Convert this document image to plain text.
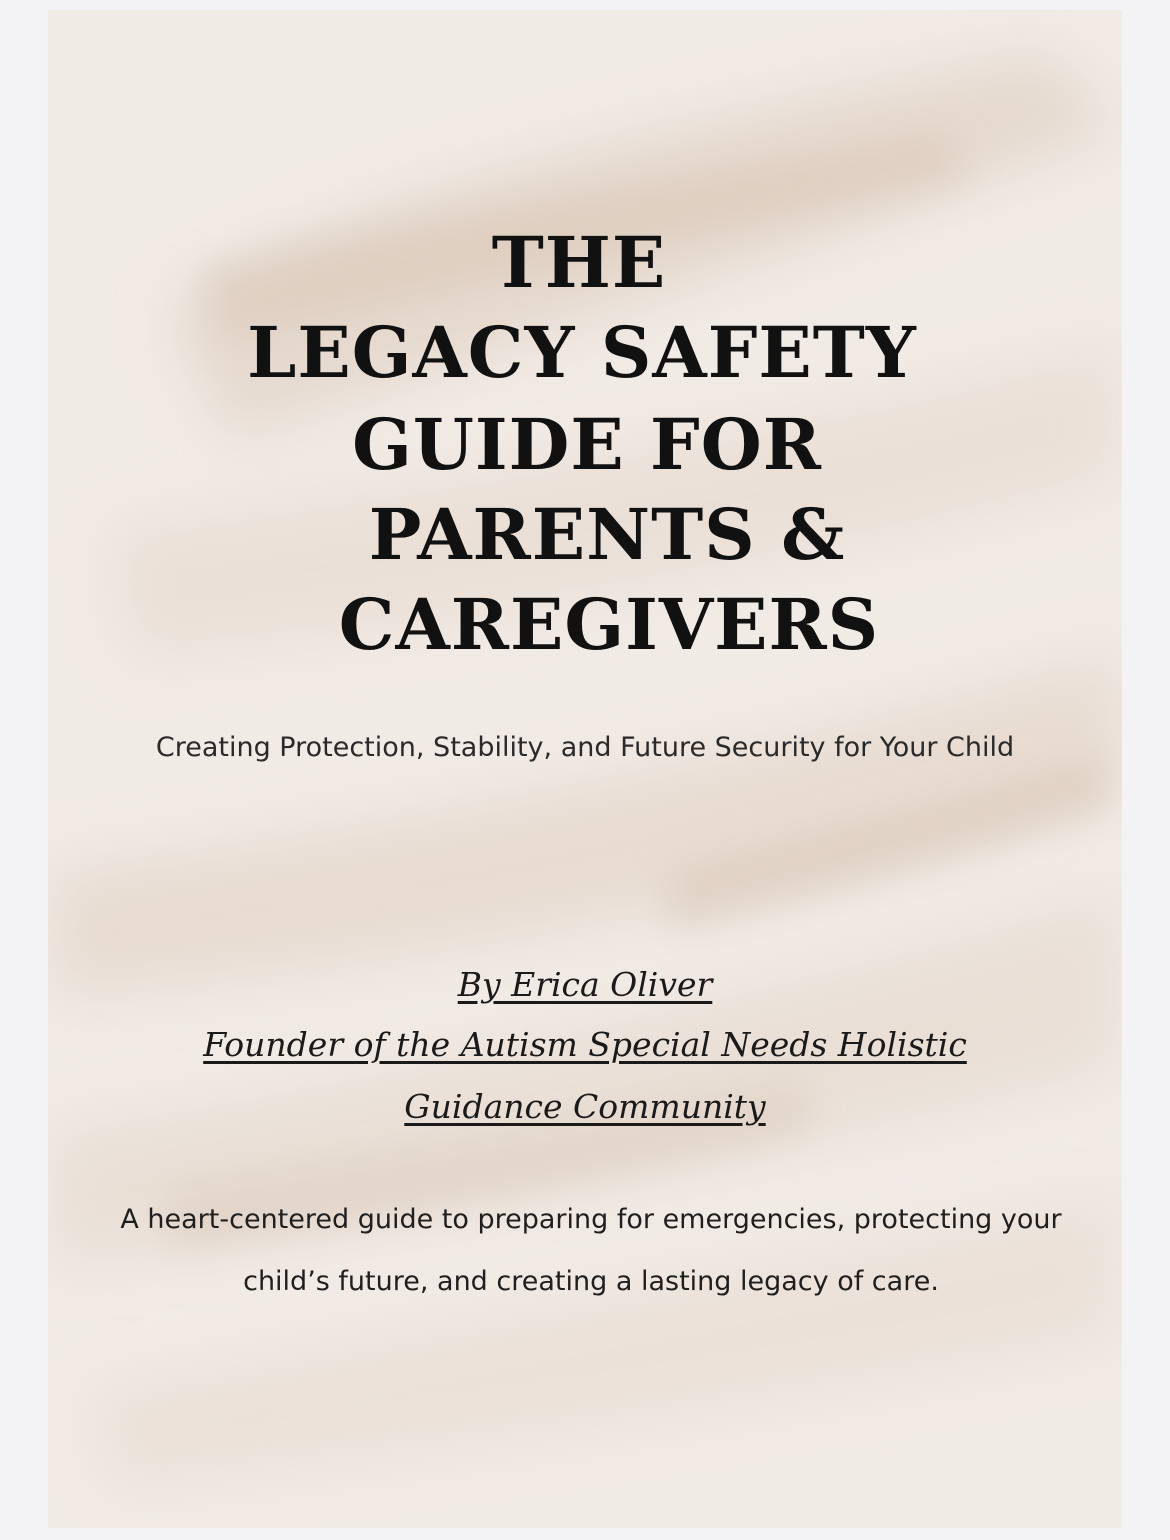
THE
LEGACY SAFETY
GUIDE FOR
PARENTS &
CAREGIVERS

Creating Protection, Stability, and Future Security for Your Child

By Erica Oliver

Founder of the Autism Special Needs Holistic

Guidance Community

A heart-centered guide to preparing for emergencies, protecting your

child’s future, and creating a lasting legacy of care.
